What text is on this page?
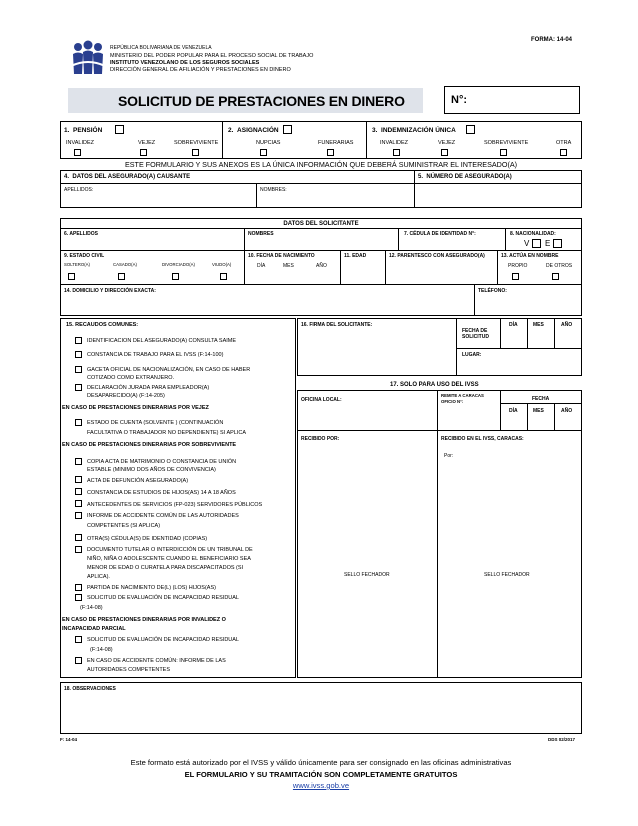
FORMA: 14-04
REPÚBLICA BOLIVARIANA DE VENEZUELA
MINISTERIO DEL PODER POPULAR PARA EL PROCESO SOCIAL DE TRABAJO
INSTITUTO VENEZOLANO DE LOS SEGUROS SOCIALES
DIRECCIÓN GENERAL DE AFILIACIÓN Y PRESTACIONES EN DINERO
SOLICITUD DE PRESTACIONES EN DINERO	N°:
1. PENSIÓN
INVALIDEZ	VEJEZ	SOBREVIVIENTE
2. ASIGNACIÓN
NUPCIAS	FUNERARIAS
3. INDEMNIZACIÓN ÚNICA
INVALIDEZ	VEJEZ	SOBREVIVIENTE	OTRA
ESTE FORMULARIO Y SUS ANEXOS ES LA ÚNICA INFORMACIÓN QUE DEBERÁ SUMINISTRAR EL INTERESADO(A)
4. DATOS DEL ASEGURADO(A) CAUSANTE	5. NÚMERO DE ASEGURADO(A)
APELLIDOS:	NOMBRES:
DATOS DEL SOLICITANTE
6. APELLIDOS	NOMBRES	7. CÉDULA DE IDENTIDAD N°:	8. NACIONALIDAD:
V E
9. ESTADO CIVIL
SOLTERO(A)	CASADO(A)	DIVORCIADO(A)	VIUDO(A)
10. FECHA DE NACIMIENTO
DÍA	MES	AÑO
11. EDAD	12. PARENTESCO CON ASEGURADO(A)	13. ACTÚA EN NOMBRE
PROPIO	DE OTROS
14. DOMICILIO Y DIRECCIÓN EXACTA:	TELÉFONO:
15. RECAUDOS COMUNES:
IDENTIFICACION DEL ASEGURADO(A) CONSULTA SAIME
CONSTANCIA DE TRABAJO PARA EL IVSS (F:14-100)
GACETA OFICIAL DE NACIONALIZACIÓN, EN CASO DE HABER
COTIZADO COMO EXTRANJERO.
DECLARACIÓN JURADA PARA EMPLEADOR(A)
DESAPARECIDO(A) (F:14-205)
EN CASO DE PRESTACIONES DINERARIAS POR VEJEZ
ESTADO DE CUENTA (SOLVENTE ) (CONTINUACIÓN
FACULTATIVA O TRABAJADOR NO DEPENDIENTE) SI APLICA
EN CASO DE PRESTACIONES DINERARIAS POR SOBREVIVIENTE
COPIA ACTA DE MATRIMONIO O CONSTANCIA DE UNIÓN
ESTABLE (MINIMO DOS AÑOS DE CONVIVENCIA)
ACTA DE DEFUNCIÓN ASEGURADO(A)
CONSTANCIA DE ESTUDIOS DE HIJOS(AS) 14 A 18 AÑOS
ANTECEDENTES DE SERVICIOS (FP-023) SERVIDORES PÚBLICOS
INFORME DE ACCIDENTE COMÚN DE LAS AUTORIDADES
COMPETENTES (SI APLICA)
OTRA(S) CÉDULA(S) DE IDENTIDAD (COPIAS)
DOCUMENTO TUTELAR O INTERDICCIÓN DE UN TRIBUNAL DE
NIÑO, NIÑA O ADOLESCENTE CUANDO EL BENEFICIARIO SEA
MENOR DE EDAD O CURATELA PARA DISCAPACITADOS (SI
APLICA).
PARTIDA DE NACIMIENTO DE(L) (LOS) HIJOS(AS)
SOLICITUD DE EVALUACIÓN DE INCAPACIDAD RESIDUAL
(F:14-08)
EN CASO DE PRESTACIONES DINERARIAS POR INVALIDEZ O
INCAPACIDAD PARCIAL
SOLICITUD DE EVALUACIÓN DE INCAPACIDAD RESIDUAL
(F:14-08)
EN CASO DE ACCIDENTE COMÚN: INFORME DE LAS
AUTORIDADES COMPETENTES
16. FIRMA DEL SOLICITANTE:
FECHA DE SOLICITUD
DÍA	MES	AÑO
LUGAR:
17. SOLO PARA USO DEL IVSS
OFICINA LOCAL:
REMITE A CARACAS OFICIO N°:	FECHA
DÍA	MES	AÑO
RECIBIDO POR:	RECIBIDO EN EL IVSS, CARACAS:
Por:
SELLO FECHADOR	SELLO FECHADOR
18. OBSERVACIONES
F: 14-04	DDS 02/2017
Este formato está autorizado por el IVSS y válido únicamente para ser consignado en las oficinas administrativas
EL FORMULARIO Y SU TRAMITACIÓN SON COMPLETAMENTE GRATUITOS
www.ivss.gob.ve
